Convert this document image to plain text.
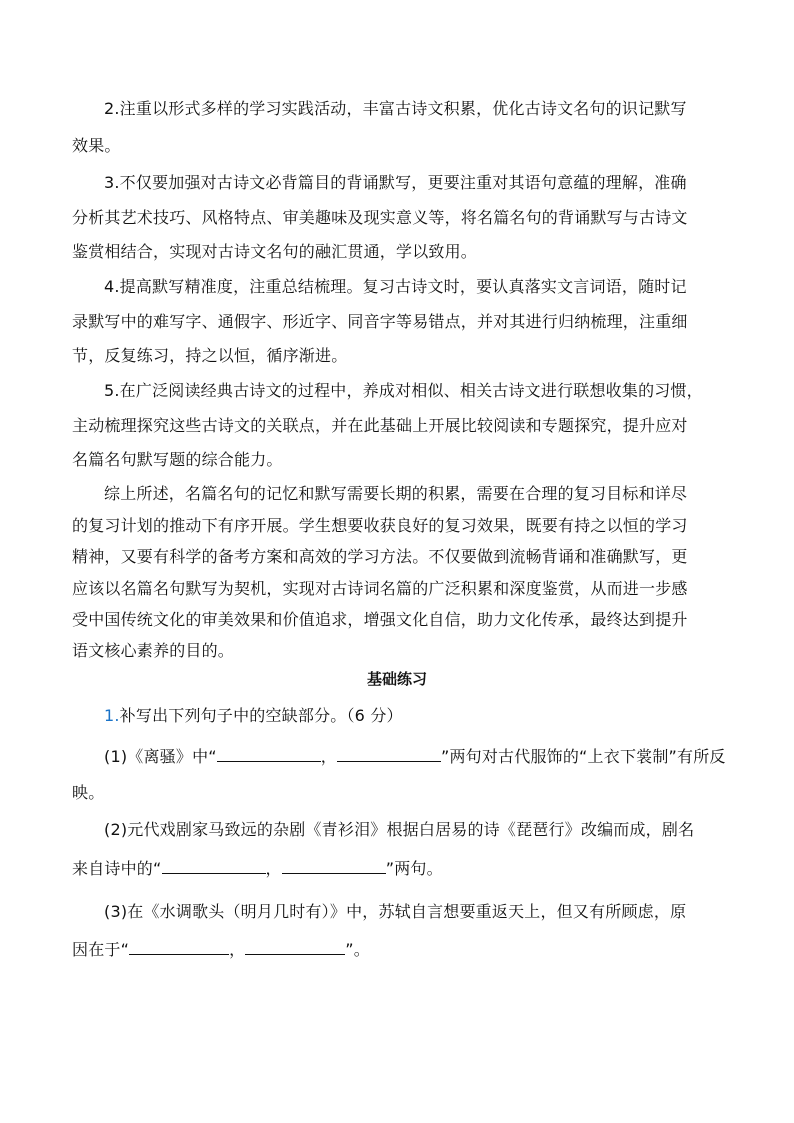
2.注重以形式多样的学习实践活动，丰富古诗文积累，优化古诗文名句的识记默写
效果。
3.不仅要加强对古诗文必背篇目的背诵默写，更要注重对其语句意蕴的理解，准确
分析其艺术技巧、风格特点、审美趣味及现实意义等，将名篇名句的背诵默写与古诗文
鉴赏相结合，实现对古诗文名句的融汇贯通，学以致用。
4.提高默写精准度，注重总结梳理。复习古诗文时，要认真落实文言词语，随时记
录默写中的难写字、通假字、形近字、同音字等易错点，并对其进行归纳梳理，注重细
节，反复练习，持之以恒，循序渐进。
5.在广泛阅读经典古诗文的过程中，养成对相似、相关古诗文进行联想收集的习惯，
主动梳理探究这些古诗文的关联点，并在此基础上开展比较阅读和专题探究，提升应对
名篇名句默写题的综合能力。
综上所述，名篇名句的记忆和默写需要长期的积累，需要在合理的复习目标和详尽
的复习计划的推动下有序开展。学生想要收获良好的复习效果，既要有持之以恒的学习
精神，又要有科学的备考方案和高效的学习方法。不仅要做到流畅背诵和准确默写，更
应该以名篇名句默写为契机，实现对古诗词名篇的广泛积累和深度鉴赏，从而进一步感
受中国传统文化的审美效果和价值追求，增强文化自信，助力文化传承，最终达到提升
语文核心素养的目的。
基础练习
1.补写出下列句子中的空缺部分。（6 分）
(1)《离骚》中“	，	”两句对古代服饰的“上衣下裳制”有所反
映。
(2)元代戏剧家马致远的杂剧《青衫泪》根据白居易的诗《琵琶行》改编而成，剧名
来自诗中的“	，	”两句。
(3)在《水调歌头（明月几时有）》中，苏轼自言想要重返天上，但又有所顾虑，原
因在于“	，	”。
